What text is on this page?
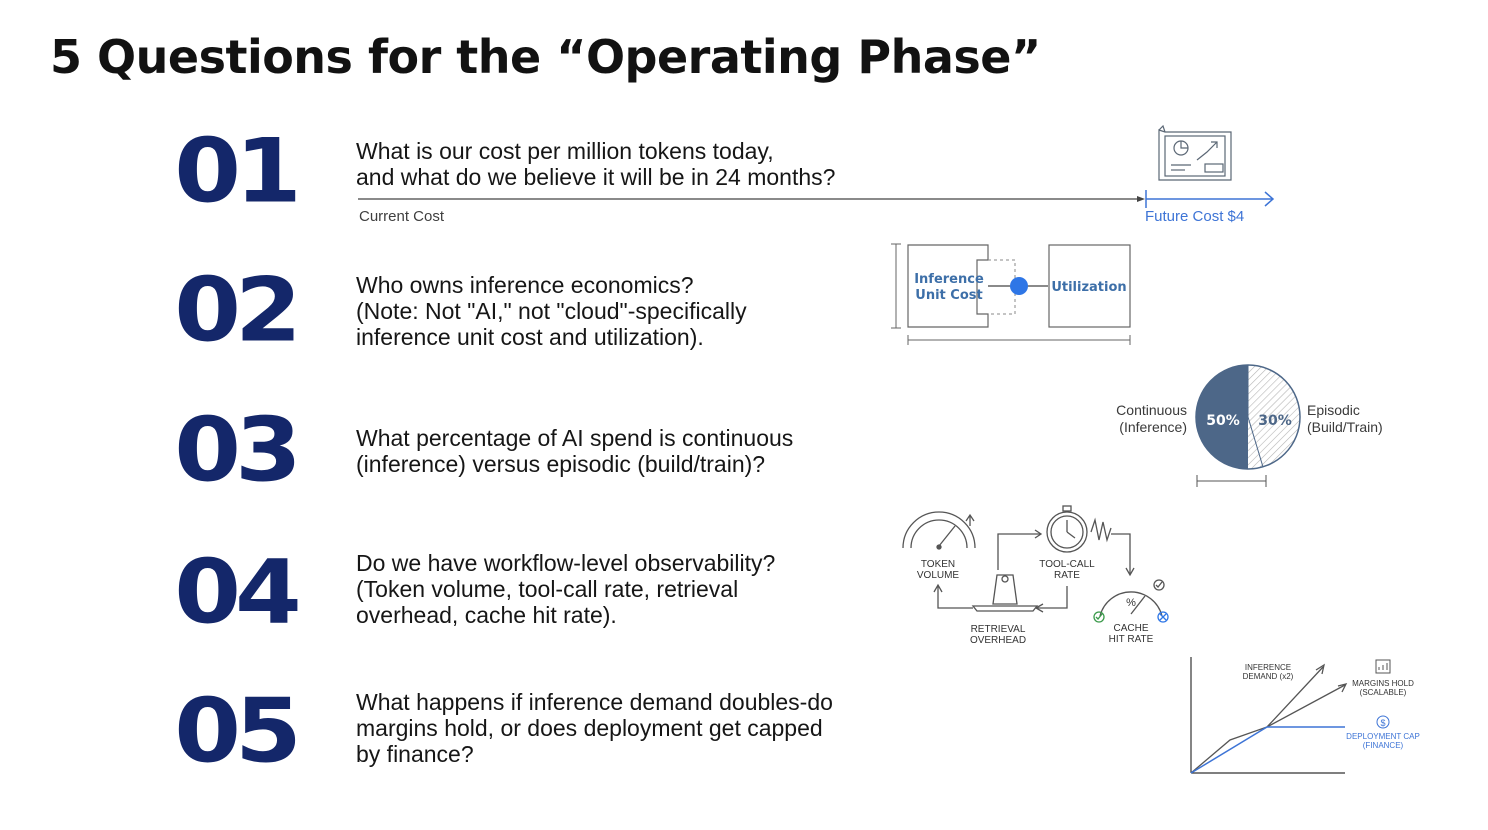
5 Questions for the “Operating Phase”
01	What is our cost per million tokens today,
and what do we believe it will be in 24 months?
02	Who owns inference economics?
(Note: Not "AI," not "cloud"-specifically
inference unit cost and utilization).
03	What percentage of AI spend is continuous
(inference) versus episodic (build/train)?
04	Do we have workflow-level observability?
(Token volume, tool-call rate, retrieval
overhead, cache hit rate).
05	What happens if inference demand doubles-do
margins hold, or does deployment get capped
by finance?
Current Cost	Future Cost $4
Inference
Unit Cost
Utilization
50% 30%
Continuous
(Inference)
Episodic
(Build/Train)
TOKEN
VOLUME
TOOL-CALL
RATE
RETRIEVAL
OVERHEAD
%
CACHE
HIT RATE
INFERENCE
DEMAND (x2)
MARGINS HOLD
(SCALABLE)
$
DEPLOYMENT CAP
(FINANCE)
